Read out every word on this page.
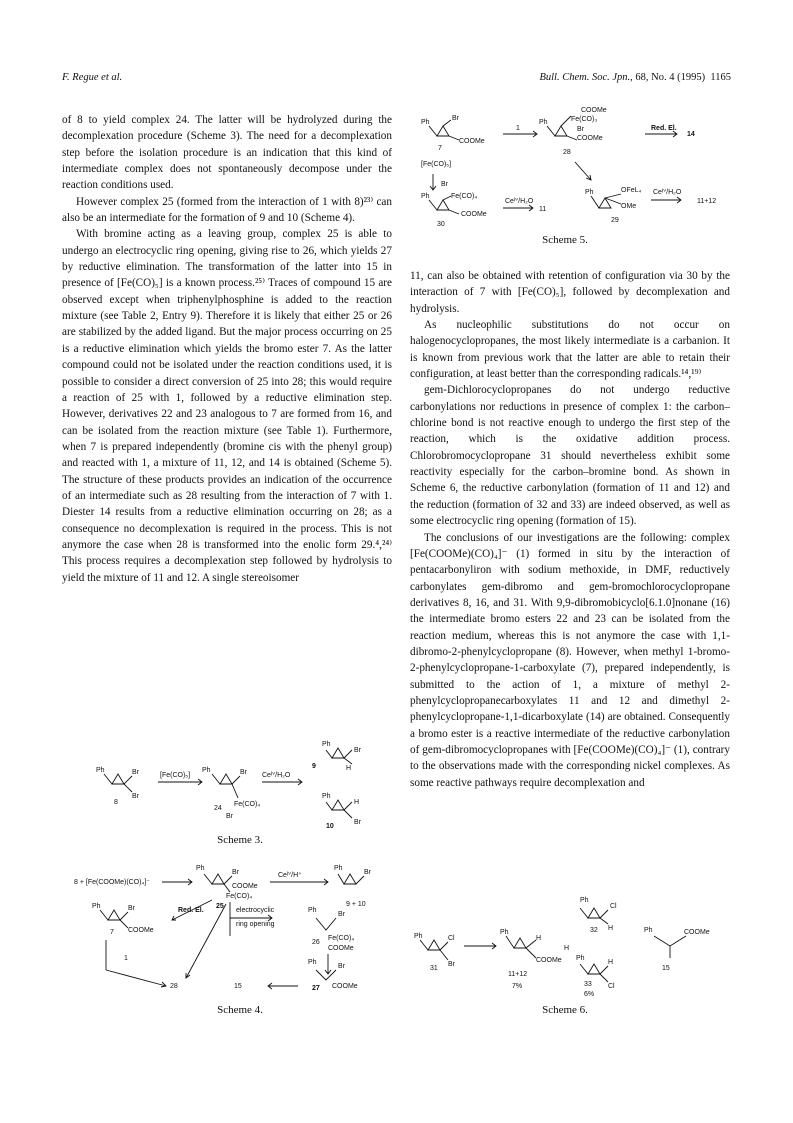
F. Regue et al.	Bull. Chem. Soc. Jpn., 68, No. 4 (1995) 1165

of 8 to yield complex 24. The latter will be hydrolyzed during the decomplexation procedure (Scheme 3). The need for a decomplexation step before the isolation procedure is an indication that this kind of intermediate complex does not spontaneously decompose under the reaction conditions used.

However complex 25 (formed from the interaction of 1 with 8)²³⁾ can also be an intermediate for the formation of 9 and 10 (Scheme 4).

With bromine acting as a leaving group, complex 25 is able to undergo an electrocyclic ring opening, giving rise to 26, which yields 27 by reductive elimination. The transformation of the latter into 15 in presence of [Fe(CO)₅] is a known process.²⁵⁾ Traces of compound 15 are observed except when triphenylphosphine is added to the reaction mixture (see Table 2, Entry 9). Therefore it is likely that either 25 or 26 are stabilized by the added ligand. But the major process occurring on 25 is a reductive elimination which yields the bromo ester 7. As the latter compound could not be isolated under the reaction conditions used, it is possible to consider a direct conversion of 25 into 28; this would require a reaction of 25 with 1, followed by a reductive elimination step. However, derivatives 22 and 23 analogous to 7 are formed from 16, and can be isolated from the reaction mixture (see Table 1). Furthermore, when 7 is prepared independently (bromine cis with the phenyl group) and reacted with 1, a mixture of 11, 12, and 14 is obtained (Scheme 5). The structure of these products provides an indication of the occurrence of an intermediate such as 28 resulting from the interaction of 7 with 1. Diester 14 results from a reductive elimination occurring on 28; as a consequence no decomplexation is required in the process. This is not anymore the case when 28 is transformed into the enolic form 29.⁴,²⁴⁾ This process requires a decomplexation step followed by hydrolysis to yield the mixture of 11 and 12. A single stereoisomer

11, can also be obtained with retention of configuration via 30 by the interaction of 7 with [Fe(CO)₅], followed by decomplexation and hydrolysis.

As nucleophilic substitutions do not occur on halogenocyclopropanes, the most likely intermediate is a carbanion. It is known from previous work that the latter are able to retain their configuration, at least better than the corresponding radicals.¹⁴,¹⁹⁾

gem-Dichlorocyclopropanes do not undergo reductive carbonylations nor reductions in presence of complex 1: the carbon–chlorine bond is not reactive enough to undergo the first step of the reaction, which is the oxidative addition process. Chlorobromocyclopropane 31 should nevertheless exhibit some reactivity especially for the carbon–bromine bond. As shown in Scheme 6, the reductive carbonylation (formation of 11 and 12) and the reduction (formation of 32 and 33) are indeed observed, as well as some electrocyclic ring opening (formation of 15).

The conclusions of our investigations are the following: complex [Fe(COOMe)(CO)₄]⁻ (1) formed in situ by the interaction of pentacarbonyliron with sodium methoxide, in DMF, reductively carbonylates gem-dibromo and gem-bromochlorocyclopropane derivatives 8, 16, and 31. With 9,9-dibromobicyclo[6.1.0]nonane (16) the intermediate bromo esters 22 and 23 can be isolated from the reaction medium, whereas this is not anymore the case with 1,1-dibromo-2-phenylcyclopropane (8). However, when methyl 1-bromo-2-phenylcyclopropane-1-carboxylate (7), prepared independently, is submitted to the action of 1, a mixture of methyl 2-phenylcyclopropanecarboxylates 11 and 12 and dimethyl 2-phenylcyclopropane-1,1-dicarboxylate (14) are obtained. Consequently a bromo ester is a reactive intermediate of the reductive carbonylation of gem-dibromocyclopropanes with [Fe(COOMe)(CO)₄]⁻ (1), contrary to the observations made with the corresponding nickel complexes. As some reactive pathways require decomplexation and

Ph
Br
COOMe
7
1
Ph
COOMe
Fe(CO)₃
Br
COOMe
28
Red. El.
14
[Fe(CO)₅]
Br
Ph	Fe(CO)₄
COOMe
30
Ceᴵⱽ/H₂O
11
Ph	OFeL₄
OMe
29
Ceᴵⱽ/H₂O
11+12
Scheme 5.
Ph	Br
Br
8
[Fe(CO)₅]
Ph	Br
Fe(CO)₄
Br
24
Ceᴵⱽ/H₂O
Ph
Br
H
9
Ph
H
Br
10
Scheme 3.
8 + [Fe(COOMe)(CO)₄]⁻
Ph
Br
COOMe
Fe(CO)₄
25
Ceᴵⱽ/H⁺
Ph
Br
9 + 10
Ph	Br
COOMe
7
Red. El.	electrocyclic
ring opening
Ph
Br
Fe(CO)₄
COOMe
26
Ph
Br
COOMe
27
1
28	15
Scheme 4.
Ph	Cl
Br
31
Ph
H
COOMe
11+12
7%
H
Ph
Cl
H
32
Ph
H
Cl
33
6%
Ph	COOMe
15
Scheme 6.
